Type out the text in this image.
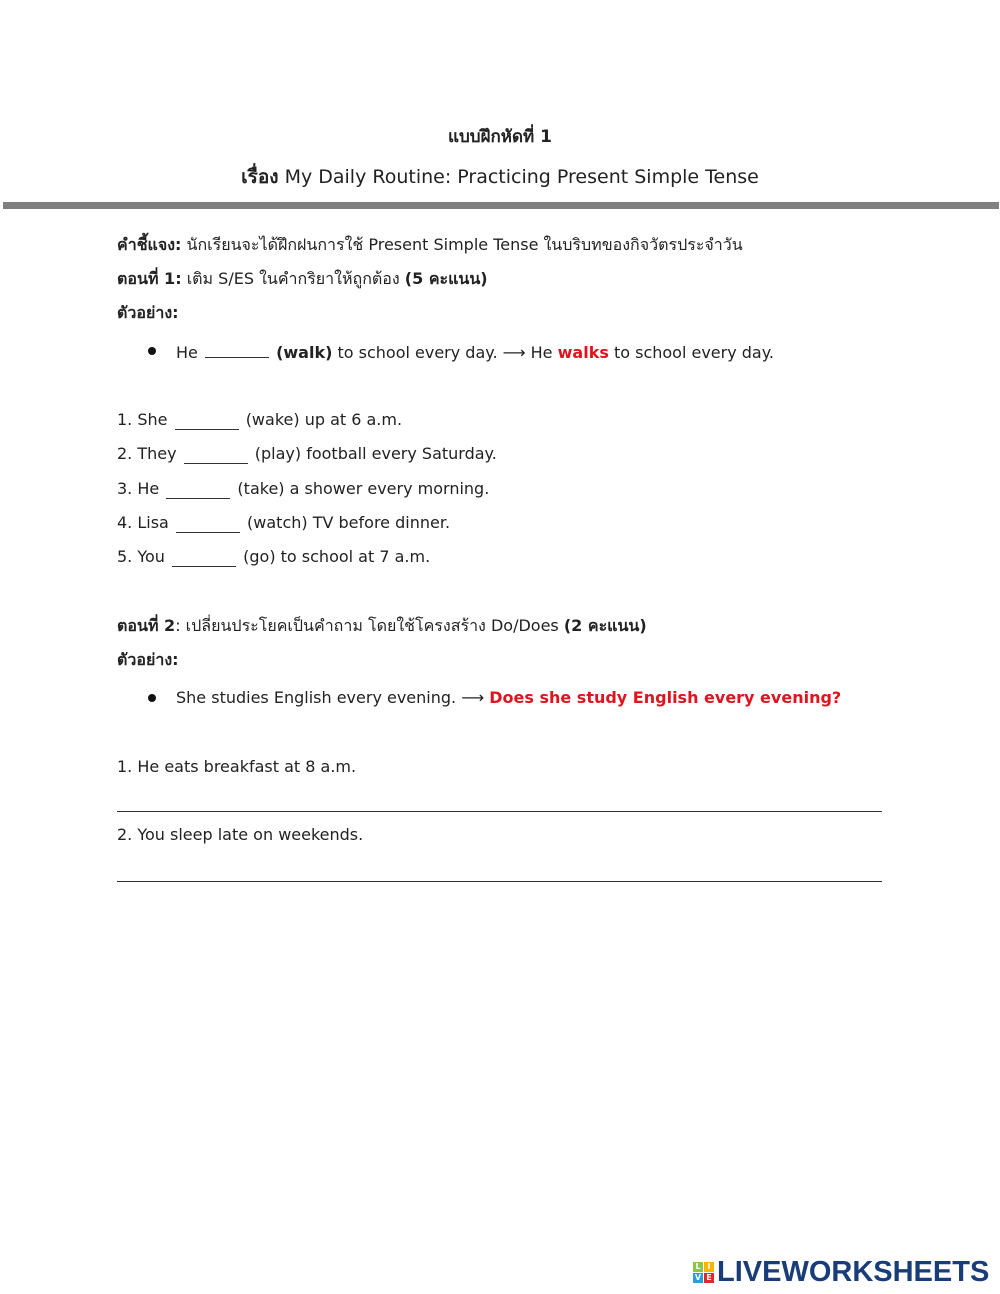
แบบฝึกหัดที่ 1
เรื่อง My Daily Routine: Practicing Present Simple Tense
คำชี้แจง: นักเรียนจะได้ฝึกฝนการใช้ Present Simple Tense ในบริบทของกิจวัตรประจำวัน
ตอนที่ 1: เติม S/ES ในคำกริยาให้ถูกต้อง (5 คะแนน)
ตัวอย่าง:
He	(walk) to school every day. ⟶ He walks to school every day.
1. She	(wake) up at 6 a.m.
2. They	(play) football every Saturday.
3. He	(take) a shower every morning.
4. Lisa	(watch) TV before dinner.
5. You	(go) to school at 7 a.m.
ตอนที่ 2: เปลี่ยนประโยคเป็นคำถาม โดยใช้โครงสร้าง Do/Does (2 คะแนน)
ตัวอย่าง:
She studies English every evening. ⟶ Does she study English every evening?
1. He eats breakfast at 8 a.m.
2. You sleep late on weekends.
L I
V E LIVEWORKSHEETS
